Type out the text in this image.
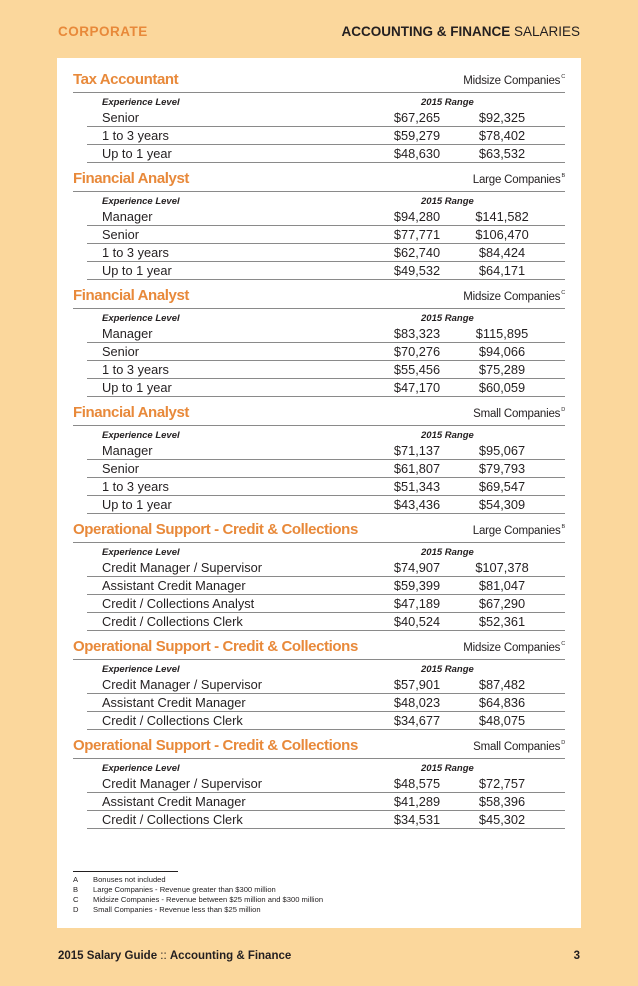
CORPORATE	ACCOUNTING & FINANCE SALARIES
Tax Accountant	Midsize Companies$^C$
Experience Level	2015 Range
Senior	$67,265	$92,325
1 to 3 years	$59,279	$78,402
Up to 1 year	$48,630	$63,532
Financial Analyst	Large Companies$^B$
Experience Level	2015 Range
Manager	$94,280	$141,582
Senior	$77,771	$106,470
1 to 3 years	$62,740	$84,424
Up to 1 year	$49,532	$64,171
Financial Analyst	Midsize Companies$^C$
Experience Level	2015 Range
Manager	$83,323	$115,895
Senior	$70,276	$94,066
1 to 3 years	$55,456	$75,289
Up to 1 year	$47,170	$60,059
Financial Analyst	Small Companies$^D$
Experience Level	2015 Range
Manager	$71,137	$95,067
Senior	$61,807	$79,793
1 to 3 years	$51,343	$69,547
Up to 1 year	$43,436	$54,309
Operational Support - Credit & Collections	Large Companies$^B$
Experience Level	2015 Range
Credit Manager / Supervisor	$74,907	$107,378
Assistant Credit Manager	$59,399	$81,047
Credit / Collections Analyst	$47,189	$67,290
Credit / Collections Clerk	$40,524	$52,361
Operational Support - Credit & Collections	Midsize Companies$^C$
Experience Level	2015 Range
Credit Manager / Supervisor	$57,901	$87,482
Assistant Credit Manager	$48,023	$64,836
Credit / Collections Clerk	$34,677	$48,075
Operational Support - Credit & Collections	Small Companies$^D$
Experience Level	2015 Range
Credit Manager / Supervisor	$48,575	$72,757
Assistant Credit Manager	$41,289	$58,396
Credit / Collections Clerk	$34,531	$45,302
A	Bonuses not included
B	Large Companies - Revenue greater than $300 million
C	Midsize Companies - Revenue between $25 million and $300 million
D	Small Companies - Revenue less than $25 million
2015 Salary Guide :: Accounting & Finance	3
